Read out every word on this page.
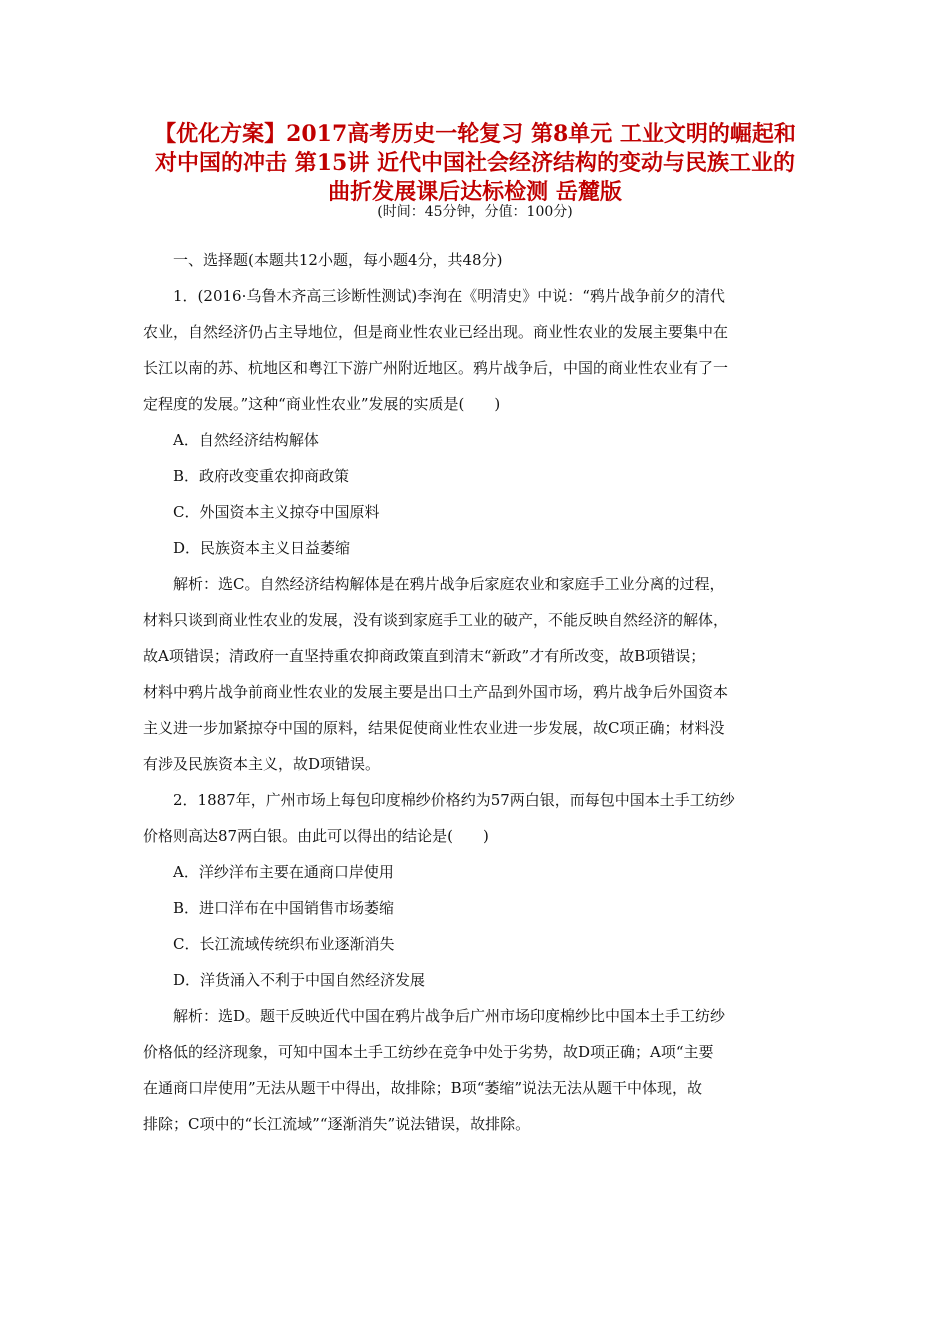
【优化方案】2017高考历史一轮复习 第8单元 工业文明的崛起和
对中国的冲击 第15讲 近代中国社会经济结构的变动与民族工业的
曲折发展课后达标检测 岳麓版
(时间：45分钟，分值：100分)
一、选择题(本题共12小题，每小题4分，共48分)
1．(2016·乌鲁木齐高三诊断性测试)李洵在《明清史》中说：“鸦片战争前夕的清代
农业，自然经济仍占主导地位，但是商业性农业已经出现。商业性农业的发展主要集中在
长江以南的苏、杭地区和粤江下游广州附近地区。鸦片战争后，中国的商业性农业有了一
定程度的发展。”这种“商业性农业”发展的实质是(　　)
A．自然经济结构解体
B．政府改变重农抑商政策
C．外国资本主义掠夺中国原料
D．民族资本主义日益萎缩
解析：选C。自然经济结构解体是在鸦片战争后家庭农业和家庭手工业分离的过程，
材料只谈到商业性农业的发展，没有谈到家庭手工业的破产，不能反映自然经济的解体，
故A项错误；清政府一直坚持重农抑商政策直到清末“新政”才有所改变，故B项错误；
材料中鸦片战争前商业性农业的发展主要是出口土产品到外国市场，鸦片战争后外国资本
主义进一步加紧掠夺中国的原料，结果促使商业性农业进一步发展，故C项正确；材料没
有涉及民族资本主义，故D项错误。
2．1887年，广州市场上每包印度棉纱价格约为57两白银，而每包中国本土手工纺纱
价格则高达87两白银。由此可以得出的结论是(　　)
A．洋纱洋布主要在通商口岸使用
B．进口洋布在中国销售市场萎缩
C．长江流域传统织布业逐渐消失
D．洋货涌入不利于中国自然经济发展
解析：选D。题干反映近代中国在鸦片战争后广州市场印度棉纱比中国本土手工纺纱
价格低的经济现象，可知中国本土手工纺纱在竞争中处于劣势，故D项正确；A项“主要
在通商口岸使用”无法从题干中得出，故排除；B项“萎缩”说法无法从题干中体现，故
排除；C项中的“长江流域”“逐渐消失”说法错误，故排除。
